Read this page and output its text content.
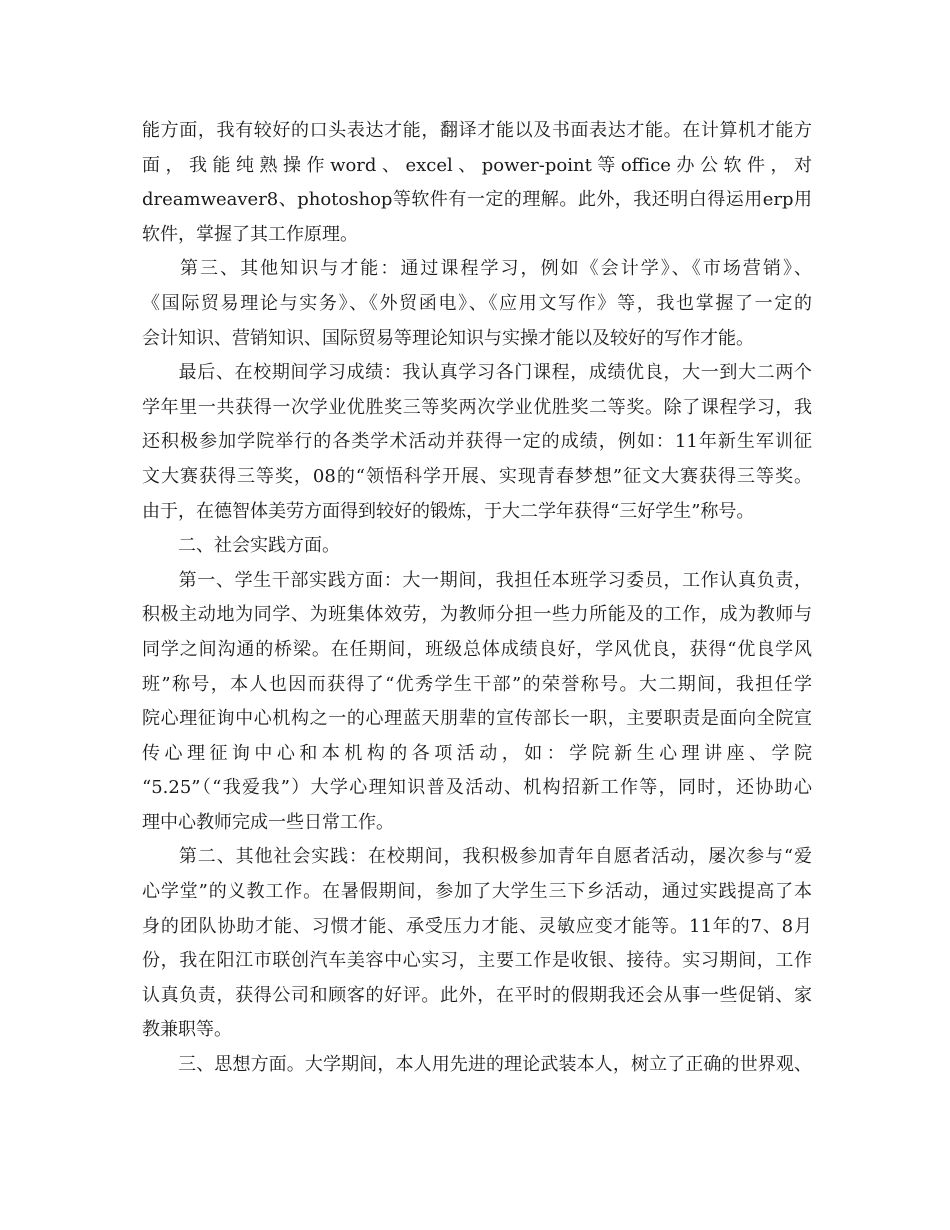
能方面，我有较好的口头表达才能，翻译才能以及书面表达才能。在计算机才能方
面，我能纯熟操作word、excel、power-point等office办公软件，对
dreamweaver8、photoshop等软件有一定的理解。此外，我还明白得运用erp用
软件，掌握了其工作原理。
第三、其他知识与才能：通过课程学习，例如《会计学》、《市场营销》、
《国际贸易理论与实务》、《外贸函电》、《应用文写作》等，我也掌握了一定的
会计知识、营销知识、国际贸易等理论知识与实操才能以及较好的写作才能。
最后、在校期间学习成绩：我认真学习各门课程，成绩优良，大一到大二两个
学年里一共获得一次学业优胜奖三等奖两次学业优胜奖二等奖。除了课程学习，我
还积极参加学院举行的各类学术活动并获得一定的成绩，例如：11年新生军训征
文大赛获得三等奖，08的“领悟科学开展、实现青春梦想”征文大赛获得三等奖。
由于，在德智体美劳方面得到较好的锻炼，于大二学年获得“三好学生”称号。
二、社会实践方面。
第一、学生干部实践方面：大一期间，我担任本班学习委员，工作认真负责，
积极主动地为同学、为班集体效劳，为教师分担一些力所能及的工作，成为教师与
同学之间沟通的桥梁。在任期间，班级总体成绩良好，学风优良，获得“优良学风
班”称号，本人也因而获得了“优秀学生干部”的荣誉称号。大二期间，我担任学
院心理征询中心机构之一的心理蓝天朋辈的宣传部长一职，主要职责是面向全院宣
传心理征询中心和本机构的各项活动，如：学院新生心理讲座、学院
“5.25”（“我爱我”）大学心理知识普及活动、机构招新工作等，同时，还协助心
理中心教师完成一些日常工作。
第二、其他社会实践：在校期间，我积极参加青年自愿者活动，屡次参与“爱
心学堂”的义教工作。在暑假期间，参加了大学生三下乡活动，通过实践提高了本
身的团队协助才能、习惯才能、承受压力才能、灵敏应变才能等。11年的7、8月
份，我在阳江市联创汽车美容中心实习，主要工作是收银、接待。实习期间，工作
认真负责，获得公司和顾客的好评。此外，在平时的假期我还会从事一些促销、家
教兼职等。
三、思想方面。大学期间，本人用先进的理论武装本人，树立了正确的世界观、
